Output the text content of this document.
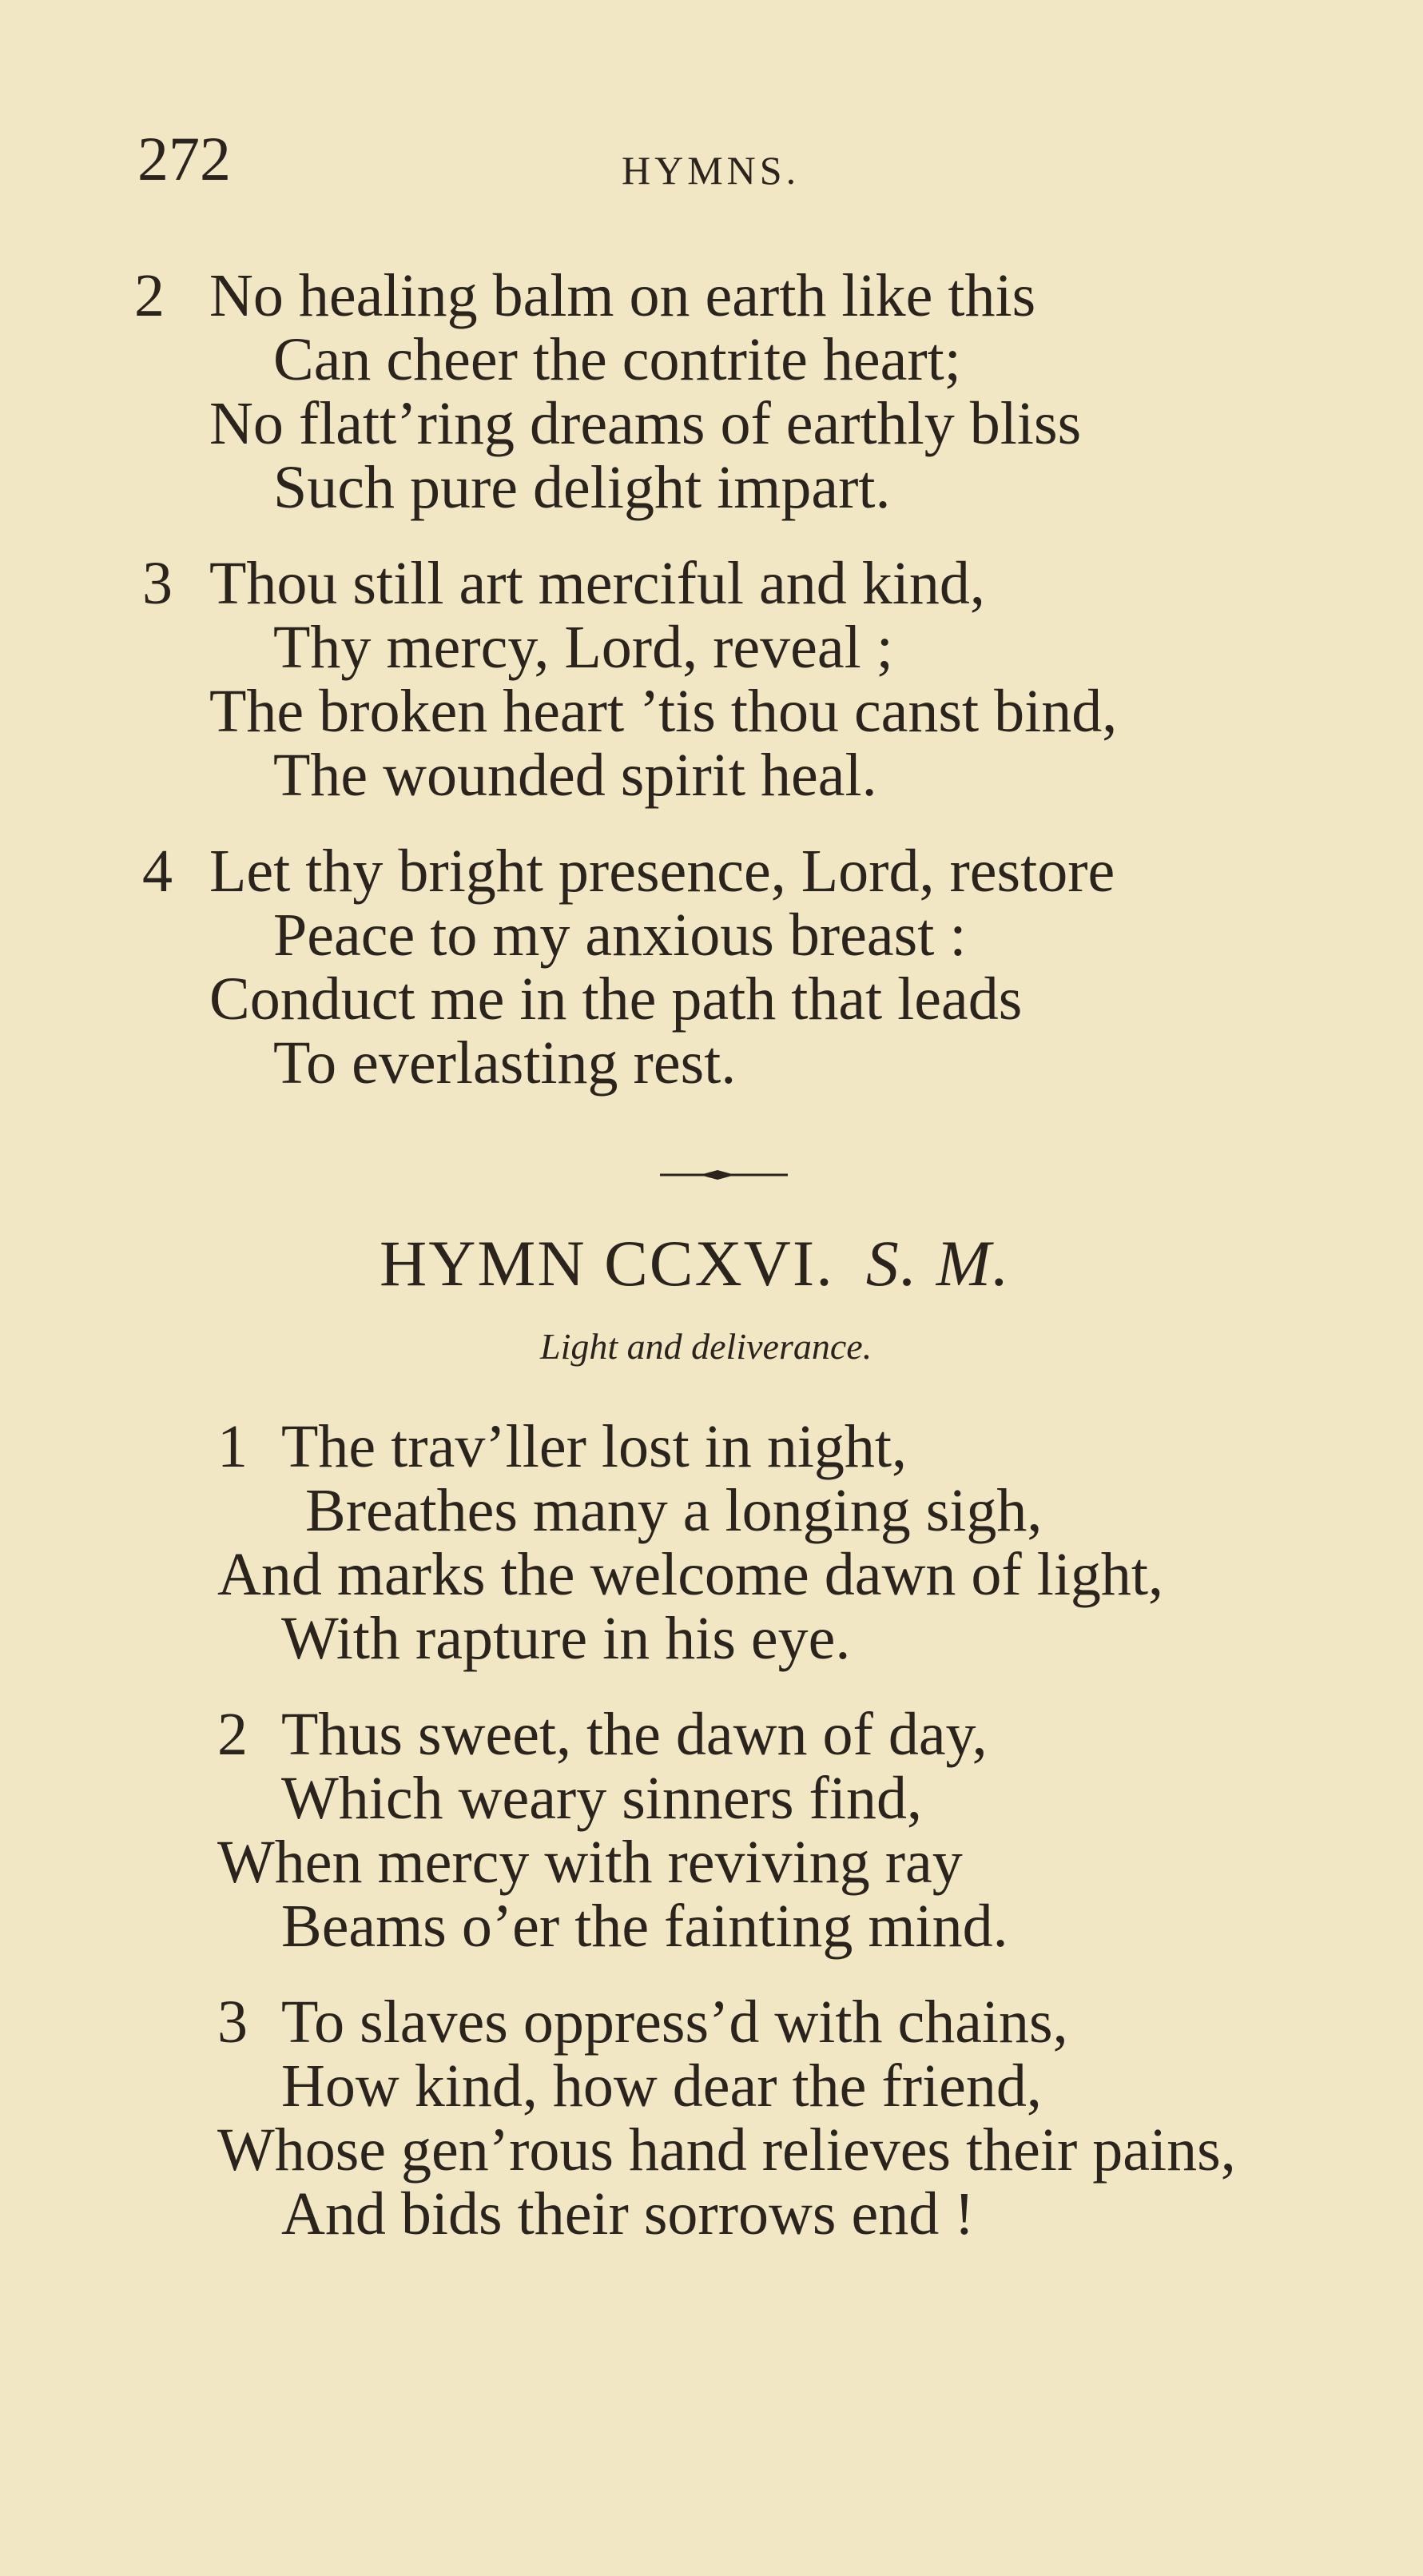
272	HYMNS.
2 No healing balm on earth like this
Can cheer the contrite heart;
No flatt’ring dreams of earthly bliss
Such pure delight impart.
3 Thou still art merciful and kind,
Thy mercy, Lord, reveal ;
The broken heart ’tis thou canst bind,
The wounded spirit heal.
4 Let thy bright presence, Lord, restore
Peace to my anxious breast :
Conduct me in the path that leads
To everlasting rest.
HYMN CCXVI. S. M.
Light and deliverance.
1 The trav’ller lost in night,
Breathes many a longing sigh,
And marks the welcome dawn of light,
With rapture in his eye.
2 Thus sweet, the dawn of day,
Which weary sinners find,
When mercy with reviving ray
Beams o’er the fainting mind.
3 To slaves oppress’d with chains,
How kind, how dear the friend,
Whose gen’rous hand relieves their pains,
And bids their sorrows end !
